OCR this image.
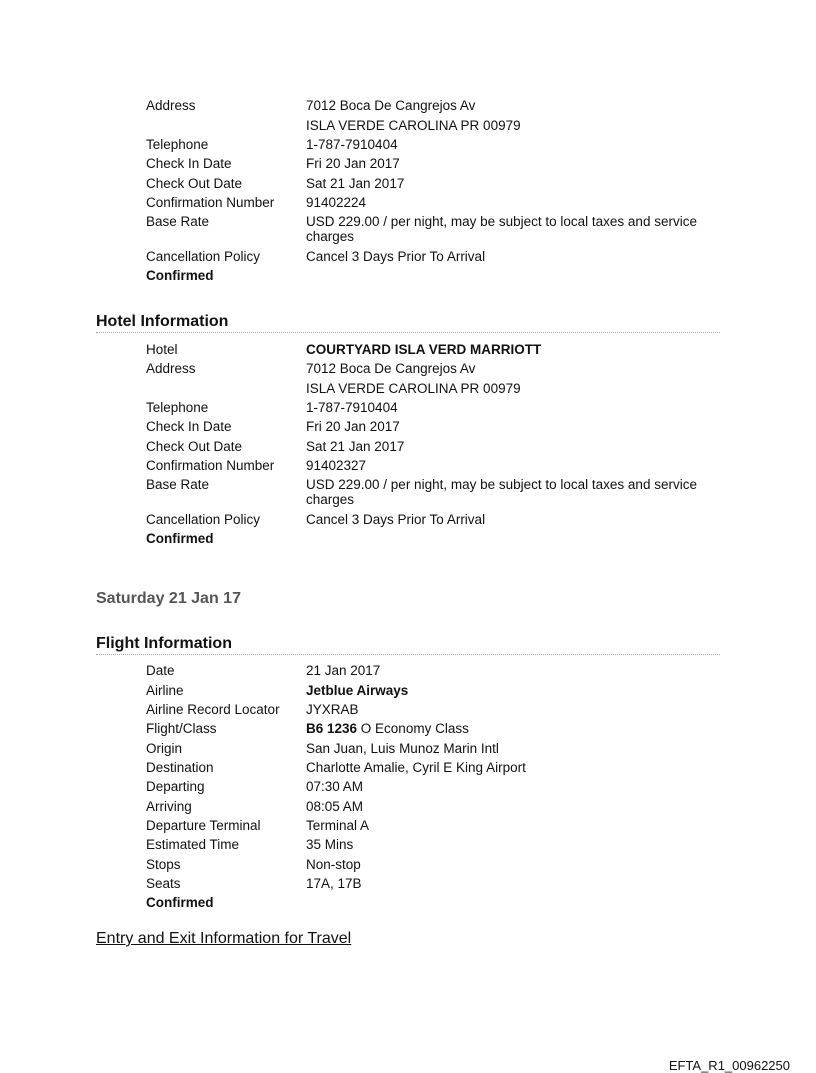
Address	7012 Boca De Cangrejos Av
ISLA VERDE CAROLINA PR 00979
Telephone	1-787-7910404
Check In Date	Fri 20 Jan 2017
Check Out Date	Sat 21 Jan 2017
Confirmation Number 91402224
Base Rate	USD 229.00 / per night, may be subject to local taxes and service charges
Cancellation Policy	Cancel 3 Days Prior To Arrival
Confirmed
Hotel Information
Hotel	COURTYARD ISLA VERD MARRIOTT
Address	7012 Boca De Cangrejos Av
ISLA VERDE CAROLINA PR 00979
Telephone	1-787-7910404
Check In Date	Fri 20 Jan 2017
Check Out Date	Sat 21 Jan 2017
Confirmation Number 91402327
Base Rate	USD 229.00 / per night, may be subject to local taxes and service charges
Cancellation Policy	Cancel 3 Days Prior To Arrival
Confirmed
Saturday 21 Jan 17
Flight Information
Date	21 Jan 2017
Airline	Jetblue Airways
Airline Record Locator JYXRAB
Flight/Class	B6 1236 O Economy Class
Origin	San Juan, Luis Munoz Marin Intl
Destination	Charlotte Amalie, Cyril E King Airport
Departing	07:30 AM
Arriving	08:05 AM
Departure Terminal	Terminal A
Estimated Time	35 Mins
Stops	Non-stop
Seats	17A, 17B
Confirmed
Entry and Exit Information for Travel
EFTA_R1_00962250
